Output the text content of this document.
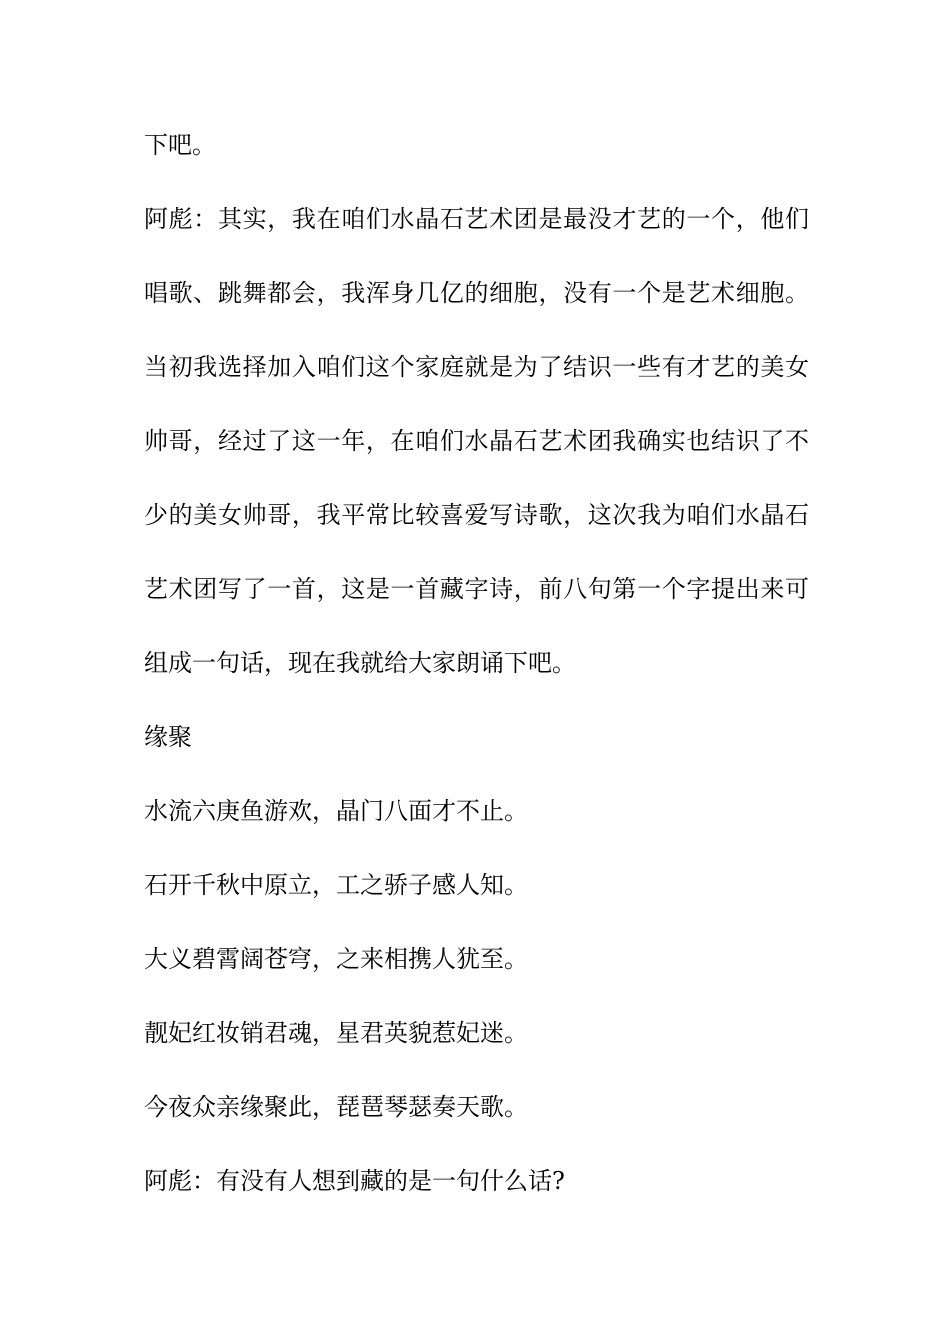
下吧。
阿彪：其实，我在咱们水晶石艺术团是最没才艺的一个，他们
唱歌、跳舞都会，我浑身几亿的细胞，没有一个是艺术细胞。
当初我选择加入咱们这个家庭就是为了结识一些有才艺的美女
帅哥，经过了这一年，在咱们水晶石艺术团我确实也结识了不
少的美女帅哥，我平常比较喜爱写诗歌，这次我为咱们水晶石
艺术团写了一首，这是一首藏字诗，前八句第一个字提出来可
组成一句话，现在我就给大家朗诵下吧。
缘聚
水流六庚鱼游欢，晶门八面才不止。
石开千秋中原立，工之骄子感人知。
大义碧霄阔苍穹，之来相携人犹至。
靓妃红妆销君魂，星君英貌惹妃迷。
今夜众亲缘聚此，琵琶琴瑟奏天歌。
阿彪：有没有人想到藏的是一句什么话?
